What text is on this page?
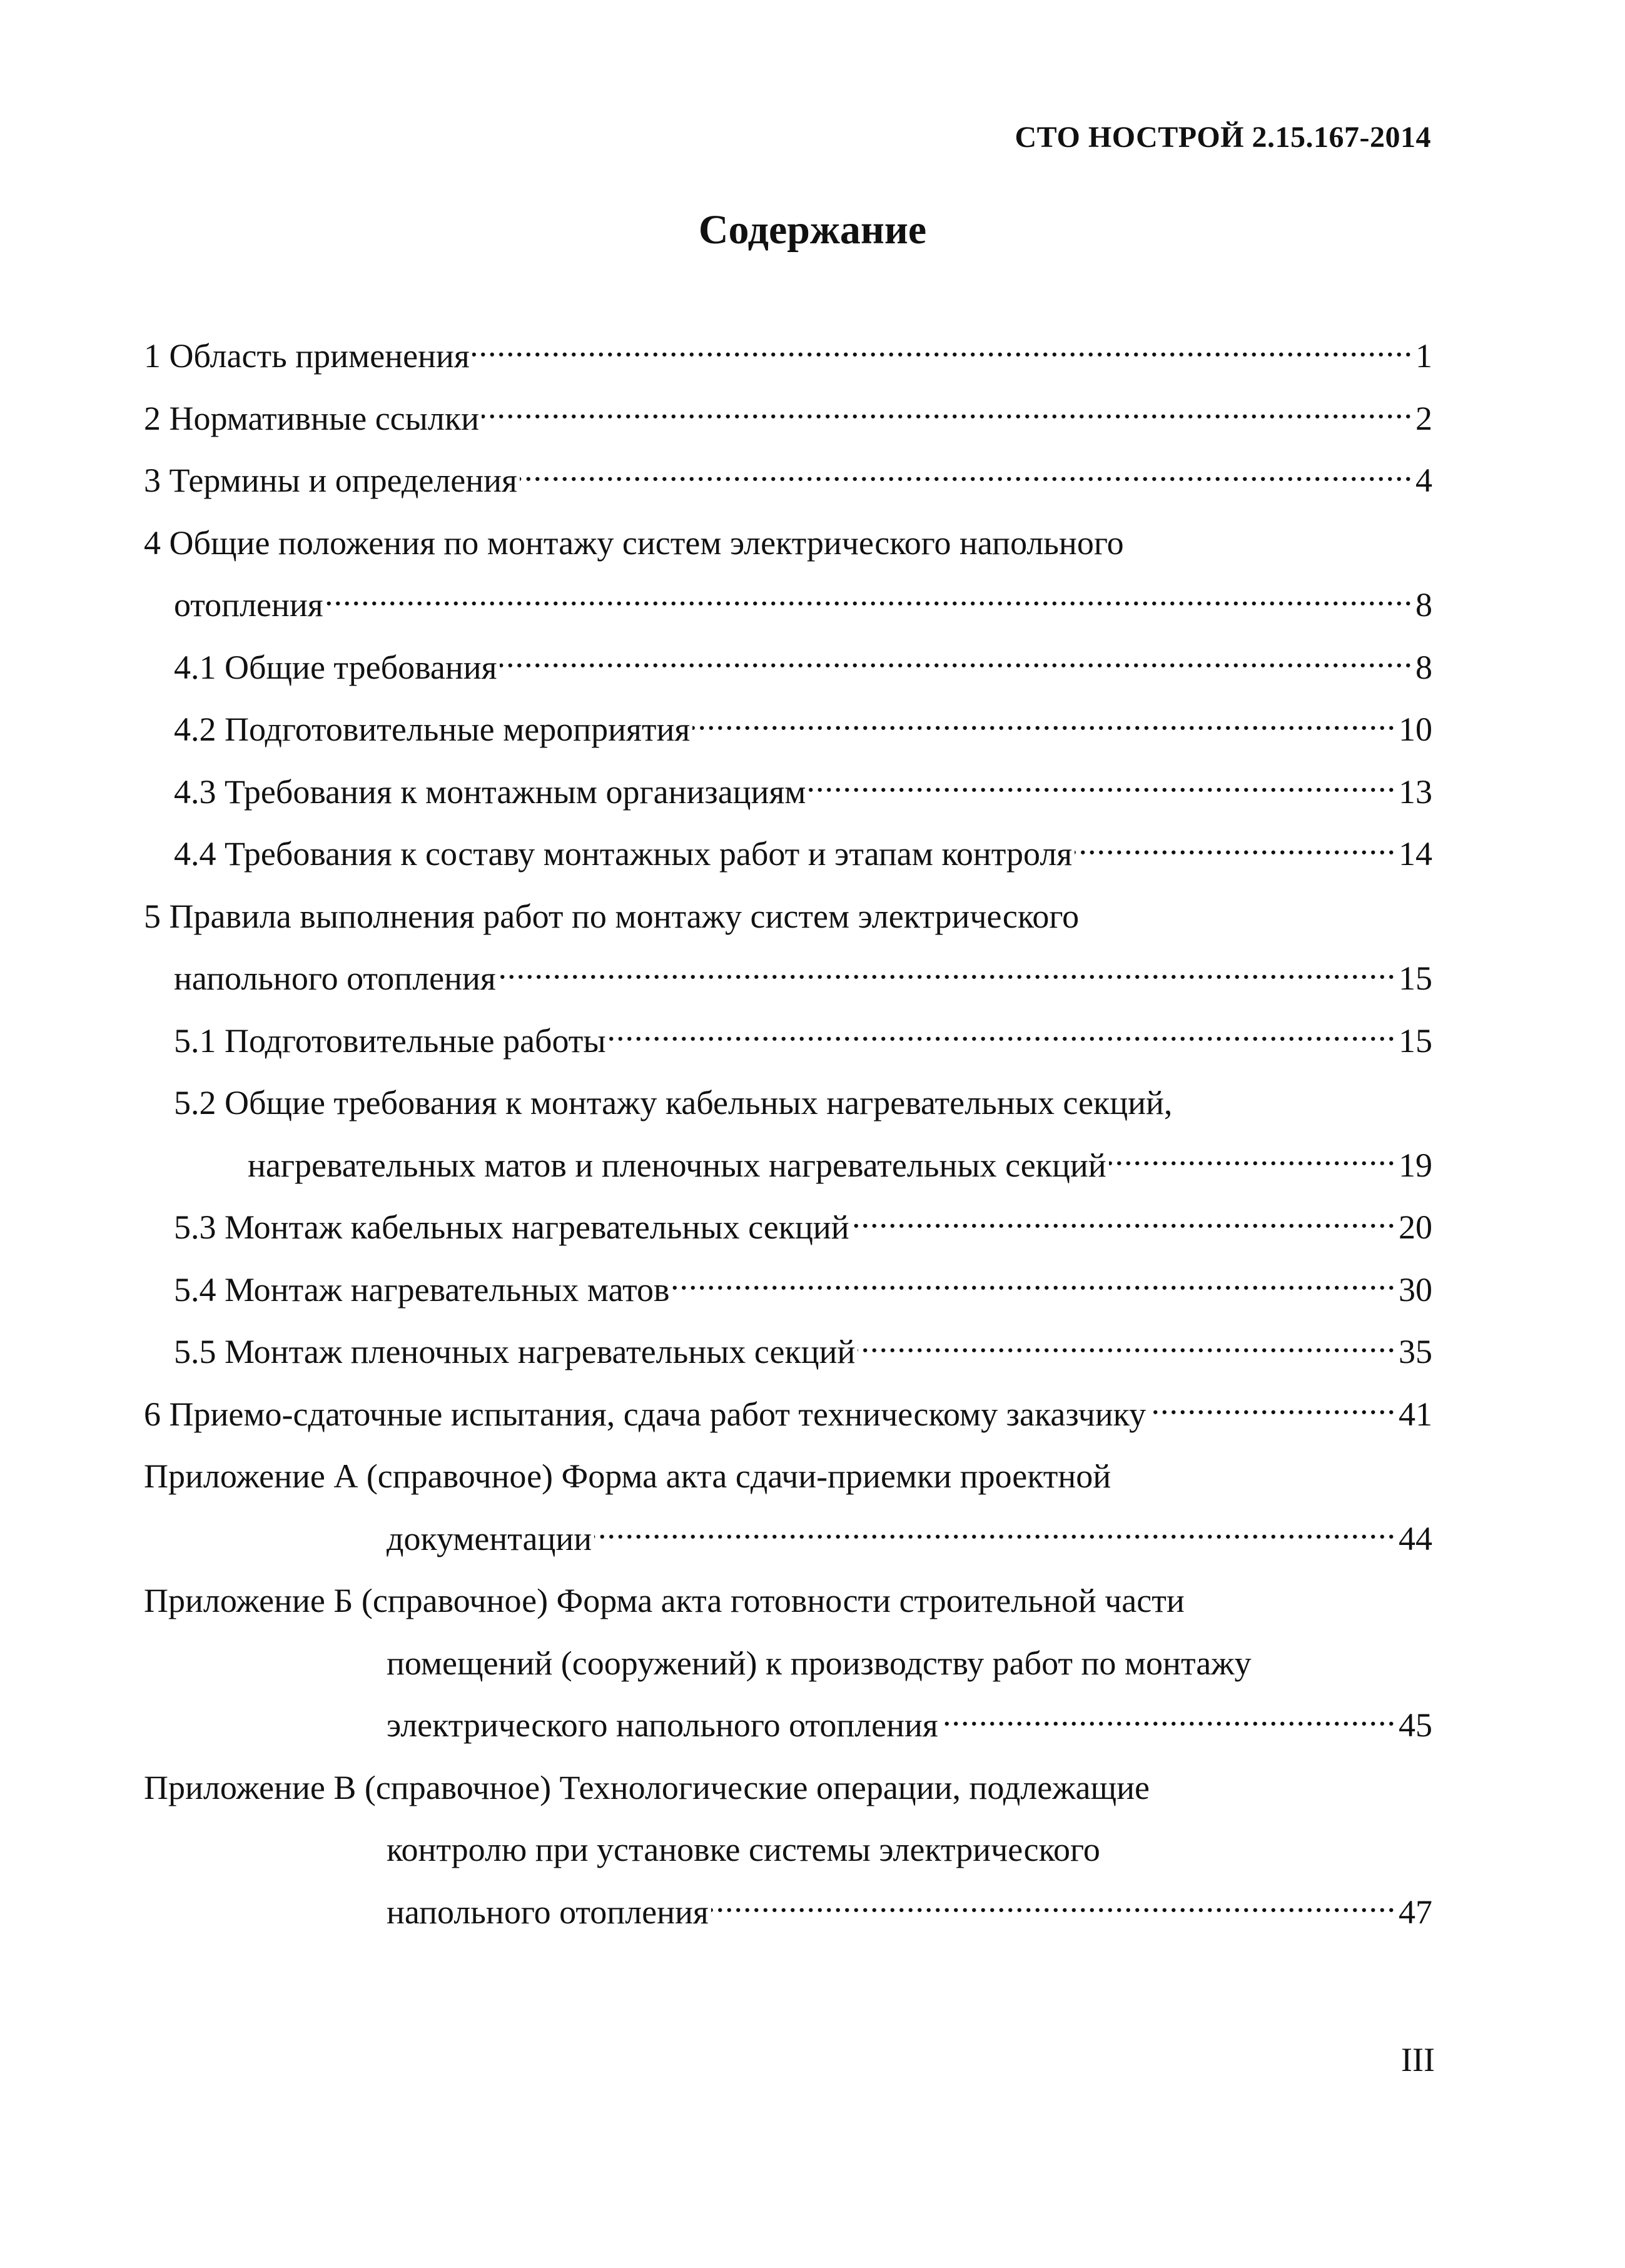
СТО НОСТРОЙ 2.15.167-2014
Содержание
1 Область применения .....	1
2 Нормативные ссылки .....	2
3 Термины и определения .....	4
4 Общие положения по монтажу систем электрического напольного
отопления .....	8
4.1 Общие требования .....	8
4.2 Подготовительные мероприятия .....	10
4.3 Требования к монтажным организациям .....	13
4.4 Требования к составу монтажных работ и этапам контроля .....	14
5 Правила выполнения работ по монтажу систем электрического
напольного отопления .....	15
5.1 Подготовительные работы .....	15
5.2 Общие требования к монтажу кабельных нагревательных секций,
нагревательных матов и пленочных нагревательных секций .....	19
5.3 Монтаж кабельных нагревательных секций .....	20
5.4 Монтаж нагревательных матов .....	30
5.5 Монтаж пленочных нагревательных секций .....	35
6 Приемо-сдаточные испытания, сдача работ техническому заказчику .....	41
Приложение А (справочное) Форма акта сдачи-приемки проектной
документации .....	44
Приложение Б (справочное) Форма акта готовности строительной части
помещений (сооружений) к производству работ по монтажу
электрического напольного отопления .....	45
Приложение В (справочное) Технологические операции, подлежащие
контролю при установке системы электрического
напольного отопления .....	47
III
